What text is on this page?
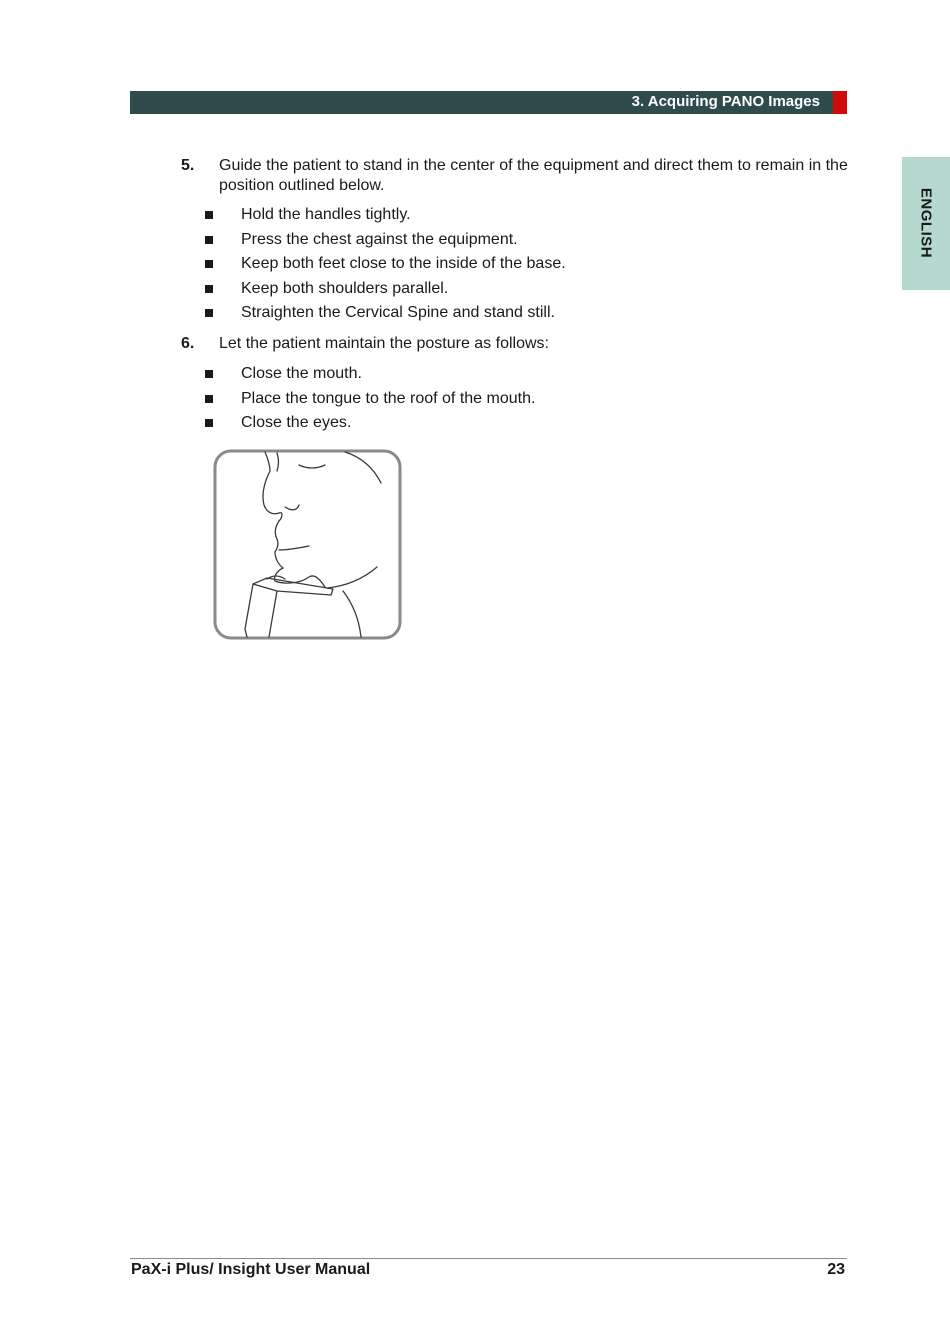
3. Acquiring PANO Images
ENGLISH
5. Guide the patient to stand in the center of the equipment and direct them to remain in the position outlined below.
Hold the handles tightly.
Press the chest against the equipment.
Keep both feet close to the inside of the base.
Keep both shoulders parallel.
Straighten the Cervical Spine and stand still.
6. Let the patient maintain the posture as follows:
Close the mouth.
Place the tongue to the roof of the mouth.
Close the eyes.
PaX-i Plus/ Insight User Manual	23
